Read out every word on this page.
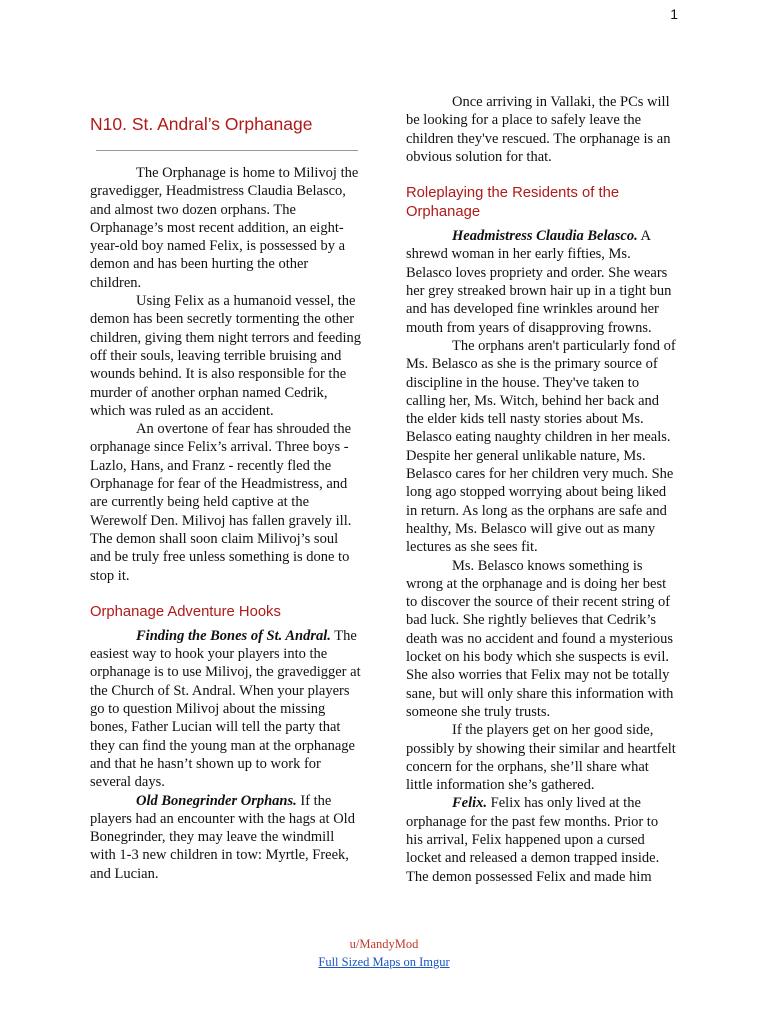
1
N10. St. Andral’s Orphanage

The Orphanage is home to Milivoj the gravedigger, Headmistress Claudia Belasco, and almost two dozen orphans. The Orphanage’s most recent addition, an eight-year-old boy named Felix, is possessed by a demon and has been hurting the other children.

Using Felix as a humanoid vessel, the demon has been secretly tormenting the other children, giving them night terrors and feeding off their souls, leaving terrible bruising and wounds behind. It is also responsible for the murder of another orphan named Cedrik, which was ruled as an accident.

An overtone of fear has shrouded the orphanage since Felix’s arrival. Three boys - Lazlo, Hans, and Franz - recently fled the Orphanage for fear of the Headmistress, and are currently being held captive at the Werewolf Den. Milivoj has fallen gravely ill. The demon shall soon claim Milivoj’s soul and be truly free unless something is done to stop it.

Orphanage Adventure Hooks

Finding the Bones of St. Andral. The easiest way to hook your players into the orphanage is to use Milivoj, the gravedigger at the Church of St. Andral. When your players go to question Milivoj about the missing bones, Father Lucian will tell the party that they can find the young man at the orphanage and that he hasn’t shown up to work for several days.

Old Bonegrinder Orphans. If the players had an encounter with the hags at Old Bonegrinder, they may leave the windmill with 1-3 new children in tow: Myrtle, Freek, and Lucian.

Once arriving in Vallaki, the PCs will be looking for a place to safely leave the children they've rescued. The orphanage is an obvious solution for that.

Roleplaying the Residents of the Orphanage

Headmistress Claudia Belasco. A shrewd woman in her early fifties, Ms. Belasco loves propriety and order. She wears her grey streaked brown hair up in a tight bun and has developed fine wrinkles around her mouth from years of disapproving frowns.

The orphans aren't particularly fond of Ms. Belasco as she is the primary source of discipline in the house. They've taken to calling her, Ms. Witch, behind her back and the elder kids tell nasty stories about Ms. Belasco eating naughty children in her meals. Despite her general unlikable nature, Ms. Belasco cares for her children very much. She long ago stopped worrying about being liked in return. As long as the orphans are safe and healthy, Ms. Belasco will give out as many lectures as she sees fit.

Ms. Belasco knows something is wrong at the orphanage and is doing her best to discover the source of their recent string of bad luck. She rightly believes that Cedrik’s death was no accident and found a mysterious locket on his body which she suspects is evil. She also worries that Felix may not be totally sane, but will only share this information with someone she truly trusts.

If the players get on her good side, possibly by showing their similar and heartfelt concern for the orphans, she’ll share what little information she’s gathered.

Felix. Felix has only lived at the orphanage for the past few months. Prior to his arrival, Felix happened upon a cursed locket and released a demon trapped inside. The demon possessed Felix and made him

u/MandyMod
Full Sized Maps on Imgur
